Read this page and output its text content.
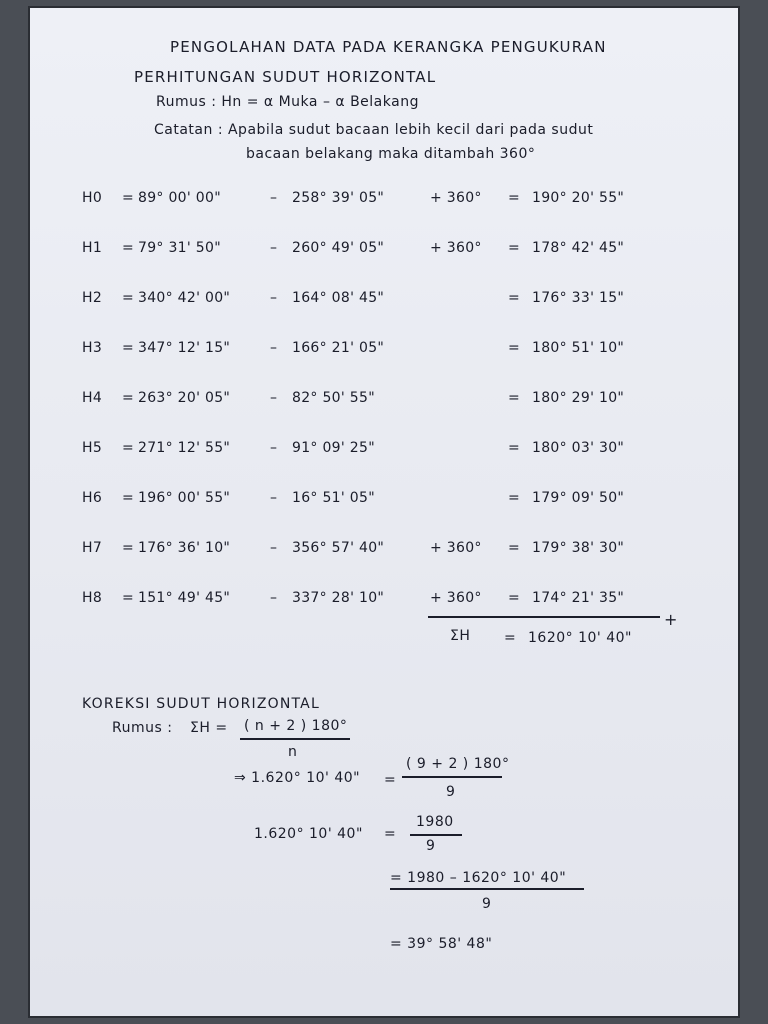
PENGOLAHAN DATA PADA KERANGKA PENGUKURAN
PERHITUNGAN SUDUT HORIZONTAL
Rumus : Hn = α Muka – α Belakang
Catatan : Apabila sudut bacaan lebih kecil dari pada sudut
bacaan belakang maka ditambah 360°
H0 = 89° 00' 00"	– 258° 39' 05"	+ 360° = 190° 20' 55"
H1 = 79° 31' 50"	– 260° 49' 05"	+ 360° = 178° 42' 45"
H2 = 340° 42' 00"	– 164° 08' 45"	= 176° 33' 15"
H3 = 347° 12' 15"	– 166° 21' 05"	= 180° 51' 10"
H4 = 263° 20' 05"	– 82° 50' 55"	= 180° 29' 10"
H5 = 271° 12' 55"	– 91° 09' 25"	= 180° 03' 30"
H6 = 196° 00' 55"	– 16° 51' 05"	= 179° 09' 50"
H7 = 176° 36' 10"	– 356° 57' 40"	+ 360° = 179° 38' 30"
H8 = 151° 49' 45"	– 337° 28' 10"	+ 360° = 174° 21' 35"
+
ΣH = 1620° 10' 40"
KOREKSI SUDUT HORIZONTAL
Rumus : ΣH = ( n + 2 ) 180°
n
⇒ 1.620° 10' 40" =
( 9 + 2 ) 180°
9
1.620° 10' 40" =
1980
9
= 1980 – 1620° 10' 40"
9
= 39° 58' 48"
